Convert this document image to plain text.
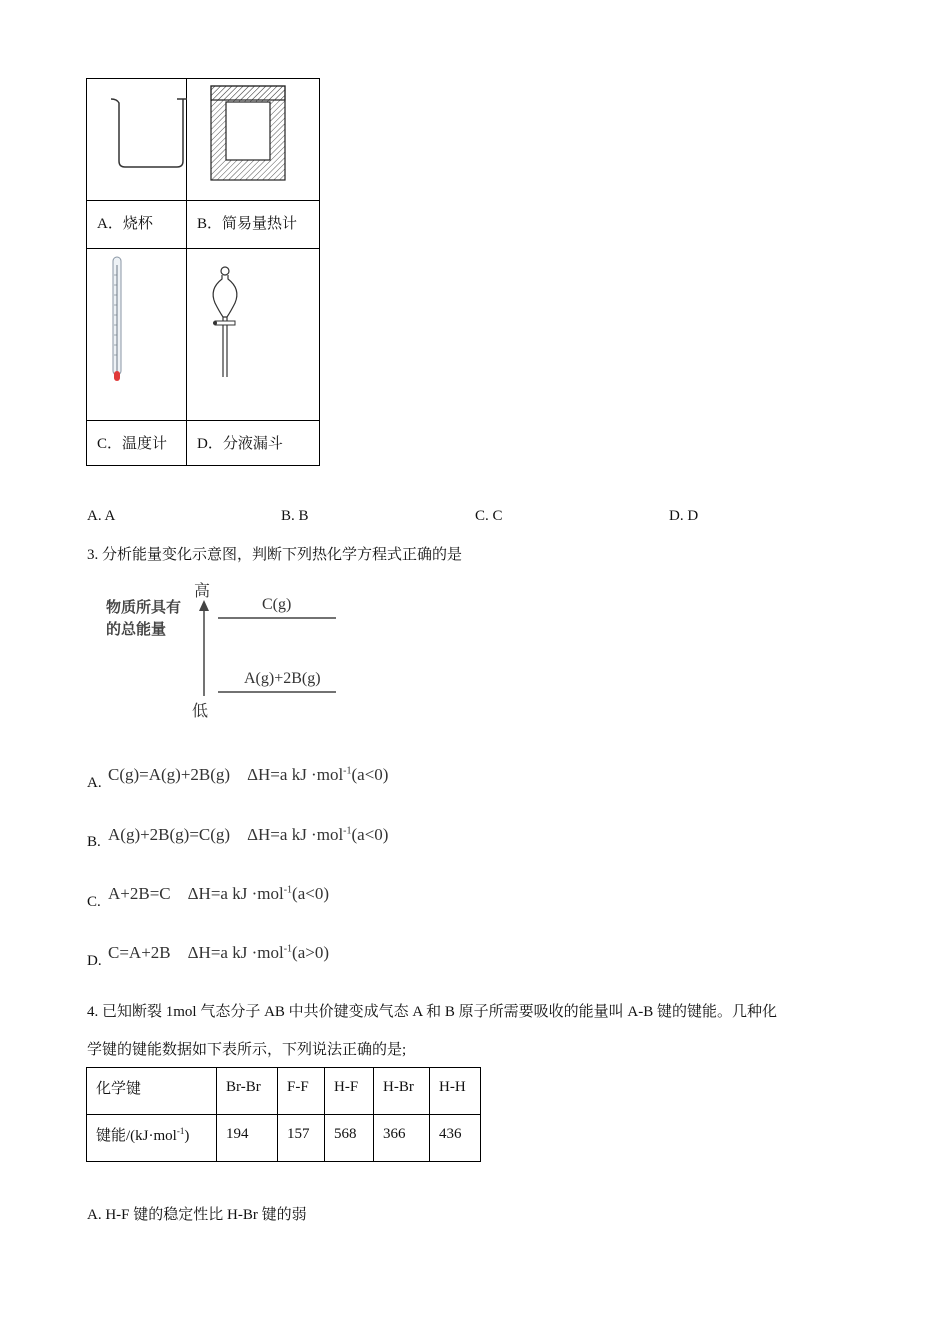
A．烧杯	B．简易量热计
C．温度计 D．分液漏斗
A. A	B. B	C. C	D. D
3. 分析能量变化示意图，判断下列热化学方程式正确的是
物质所具有
的总能量
高
低
C(g)
A(g)+2B(g)
A. C(g)=A(g)+2B(g)　ΔH=a kJ ·mol$^{-1}$(a<0)
B. A(g)+2B(g)=C(g)　ΔH=a kJ ·mol$^{-1}$(a<0)
C. A+2B=C　ΔH=a kJ ·mol$^{-1}$(a<0)
D. C=A+2B　ΔH=a kJ ·mol$^{-1}$(a>0)
4. 已知断裂 1mol 气态分子 AB 中共价键变成气态 A 和 B 原子所需要吸收的能量叫 A-B 键的键能。几种化
学键的键能数据如下表所示，下列说法正确的是;
化学键	Br-Br	F-F	H-F	H-Br	H-H
键能/(kJ·mol$^{-1}$)	194	157	568	366	436
A. H-F 键的稳定性比 H-Br 键的弱
